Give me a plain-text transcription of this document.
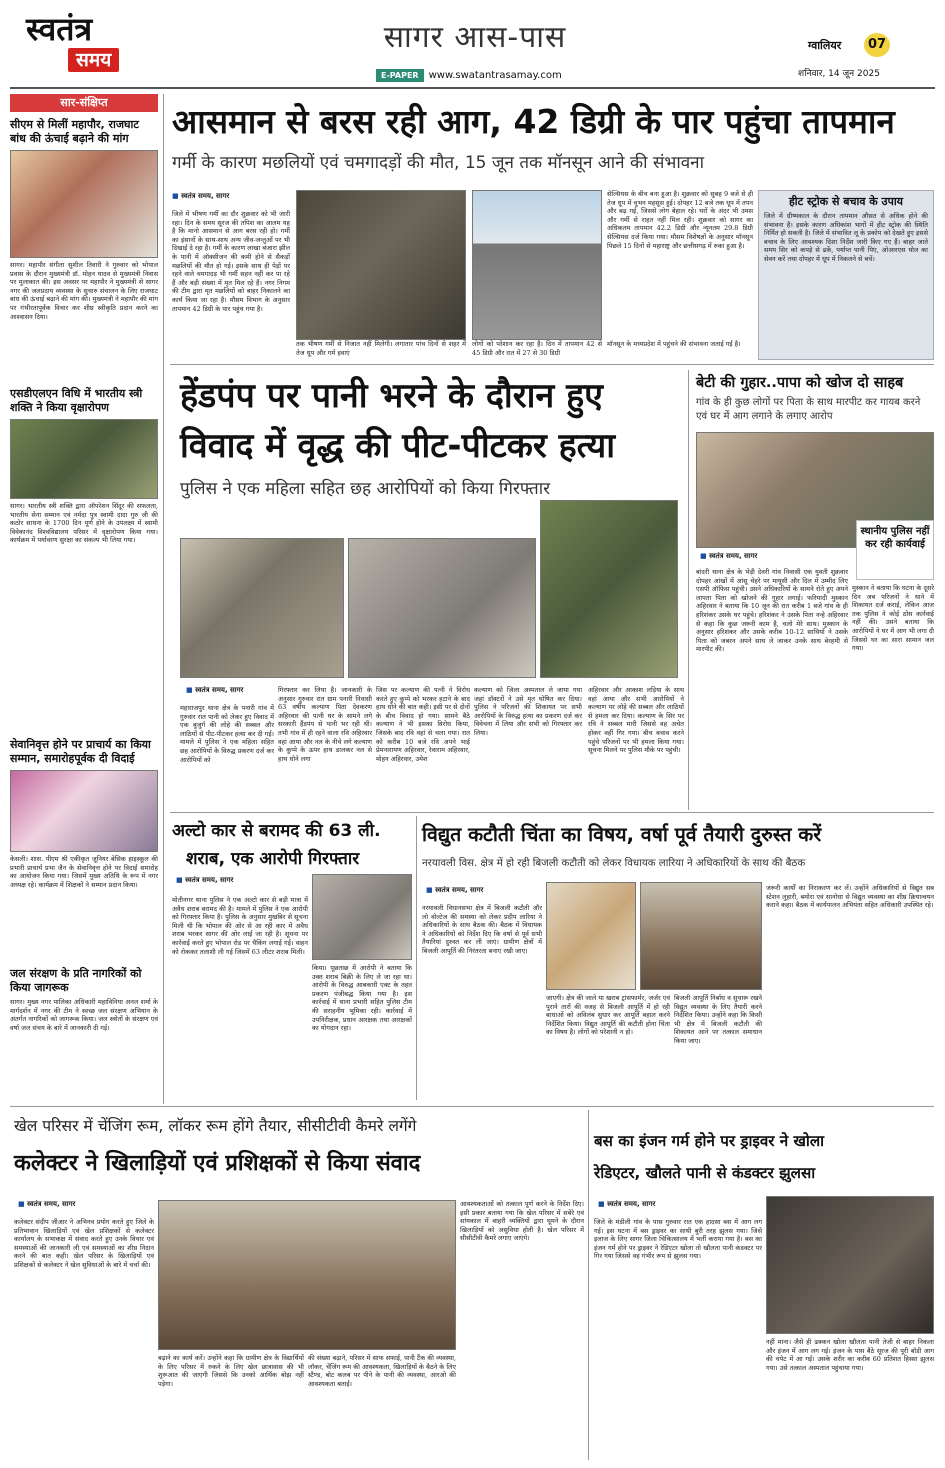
स्वतंत्र
समय
सागर आस-पास
E-PAPER	www.swatantrasamay.com
ग्वालियर	07
शनिवार, 14 जून 2025
सार-संक्षिप्त
सीएम से मिलीं महापौर, राजघाट बांध की ऊंचाई बढ़ाने की मांग
सागर। महापौर संगीता सुशील तिवारी ने गुरुवार को भोपाल प्रवास के दौरान मुख्यमंत्री डॉ. मोहन यादव से मुख्यमंत्री निवास पर मुलाकात की। इस अवसर पर महापौर ने मुख्यमंत्री से सागर नगर की जलप्रदाय व्यवस्था के सुचारु संचालन के लिए राजघाट बांध की ऊंचाई बढ़ाने की मांग की। मुख्यमंत्री ने महापौर की मांग पर गंभीरतापूर्वक विचार कर शीघ्र स्वीकृति प्रदान करने का आश्वासन दिया।
एसडीएलएन विधि में भारतीय स्त्री शक्ति ने किया वृक्षारोपण
सागर। भारतीय स्त्री शक्ति द्वारा ऑपरेशन सिंदूर की सफलता, भारतीय सेना सम्मान एवं नर्मदा पुत्र स्वामी दादा गुरु जी की कठोर साधना के 1700 दिन पूर्ण होने के उपलक्ष्य में स्वामी विवेकानंद विश्वविद्यालय परिसर में वृक्षारोपण किया गया। कार्यक्रम में पर्यावरण सुरक्षा का संकल्प भी लिया गया।
सेवानिवृत्त होने पर प्राचार्य का किया सम्मान, समारोहपूर्वक दी विदाई
केसली। शास. पीएम श्री एकीकृत जूनियर बेसिक हाइस्कूल की प्रभारी प्राचार्य प्रभा जैन के सेवानिवृत्त होने पर विदाई समारोह का आयोजन किया गया। जिसमें मुख्य अतिथि के रूप में नगर अध्यक्ष रहे। कार्यक्रम में शिक्षकों ने सम्मान प्रदान किया।
जल संरक्षण के प्रति नागरिकों को किया जागरूक
सागर। मुख्य नगर पालिका अधिकारी महाविनिया अनल शर्मा के मार्गदर्शन में नगर की टीम ने स्वच्छ जल संरक्षण अभियान के अंतर्गत नागरिकों को जागरूक किया। जल स्त्रोतों के संरक्षण एवं वर्षा जल संचय के बारे में जानकारी दी गई।
आसमान से बरस रही आग, 42 डिग्री के पार पहुंचा तापमान
गर्मी के कारण मछलियों एवं चमगादड़ों की मौत, 15 जून तक मॉनसून आने की संभावना
■ स्वतंत्र समय, सागर
जिले में भीषण गर्मी का दौर शुक्रवार को भी जारी रहा। दिन के समय सूरज की तपिश का आलम यह है कि मानो आसमान से आग बरस रही हो। गर्मी का इंसानों के साथ-साथ अन्य जीव-जन्तुओं पर भी दिखाई दे रहा है। गर्मी के कारण लाखा बंजारा झील के पानी में ऑक्सीजन की कमी होने से सैकड़ों मछलियों की मौत हो गई। इसके साथ ही पेड़ों पर रहने वाले चमगादड़ भी गर्मी सहन नहीं कर पा रहे हैं और बड़ी संख्या में मृत मिल रहे हैं। नगर निगम की टीम द्वारा मृत मछलियों को बाहर निकालने का कार्य किया जा रहा है। मौसम विभाग के अनुसार तापमान 42 डिग्री के पार पहुंच गया है।
तक भीषण गर्मी से निजात नहीं मिलेगी। लगातार पांच दिनों से शहर में तेज धूप और गर्म हवाएं
लोगों को परेशान कर रहा है। दिन में तापमान 42 से 45 डिग्री और रात में 27 से 30 डिग्री
सेल्सियस के बीच बना हुआ है। शुक्रवार को सुबह 9 बजे से ही तेज धूप में चुभन महसूस हुई। दोपहर 12 बजे तक धूप में तपन और बढ़ गई, जिससे लोग बेहाल रहे। घरों के अंदर भी उमस और गर्मी से राहत नहीं मिल रही। शुक्रवार को सागर का अधिकतम तापमान 42.2 डिग्री और न्यूनतम 29.8 डिग्री सेल्सियस दर्ज किया गया। मौसम विशेषज्ञों के अनुसार मॉनसून पिछले 15 दिनों से महाराष्ट्र और छत्तीसगढ़ में रुका हुआ है।
मॉनसून के मध्यप्रदेश में पहुंचने की संभावना जताई गई है।
हीट स्ट्रोक से बचाव के उपाय
जिले में ग्रीष्मकाल के दौरान तापमान औसत से अधिक होने की संभावना है। इसके कारण अधिकांश भागों में हीट स्ट्रोक की स्थिति निर्मित हो सकती है। जिले में संभावित लू के प्रकोप को देखते हुए इससे बचाव के लिए आवश्यक दिशा निर्देश जारी किए गए हैं। बाहर जाते समय सिर को कपड़े से ढकें, पर्याप्त पानी पिएं, ओआरएस घोल का सेवन करें तथा दोपहर में धूप में निकलने से बचें।
हेंडपंप पर पानी भरने के दौरान हुए
विवाद में वृद्ध की पीट-पीटकर हत्या
पुलिस ने एक महिला सहित छह आरोपियों को किया गिरफ्तार
■ स्वतंत्र समय, सागर
महाराजपुर थाना क्षेत्र के पनारी गांव में गुरुवार रात पानी को लेकर हुए विवाद में एक बुजुर्ग की लोहे की सब्बल और लाठियों से पीट-पीटकर हत्या कर दी गई। मामले में पुलिस ने एक महिला सहित छह आरोपियों के विरुद्ध प्रकरण दर्ज कर आरोपियों को
गिरफ्तार कर लिया है। जानकारी के अनुसार गुरुवार रात ग्राम पनारी निवासी 63 वर्षीय कल्याण पिता देवकरण अहिरवार की पत्नी घर के सामने लगे सरकारी हैंडपंप से पानी भर रही थी। तभी गांव में ही रहने वाला रवि अहिरवार वहां आया और नल के नीचे लगे कल्याण के कुप्पे के ऊपर हाथ डालकर नल से हाथ धोने लगा
जिस पर कल्याण की पत्नी ने विरोध करते हुए कुप्पे को भरकर हटाने के बाद हाथ धोने की बात कही। इसी पर से दोनों के बीच विवाद हो गया। सामने बैठे कल्याण ने भी इसका विरोध किया, जिसके बाद रवि वहां से चला गया। रात को करीब 10 बजे रवि अपने भाई प्रेमनारायण अहिरवार, रेवाराम अहिरवार, मोहन अहिरवार, उमेश
कल्याण को जिला अस्पताल ले जाया गया जहां डॉक्टरों ने उसे मृत घोषित कर दिया। पुलिस ने परिजनों की शिकायत पर सभी आरोपियों के विरुद्ध हत्या का प्रकरण दर्ज कर विवेचना में लिया और सभी को गिरफ्तार कर लिया।
अहिरवार और आकाश लड़िया के साथ वहां आया और सभी आरोपियों ने कल्याण पर लोहे की सब्बल और लाठियों से हमला कर दिया। कल्याण के सिर पर रवि ने सब्बल मारी जिससे वह अचेत होकर वहीं गिर गया। बीच बचाव करने पहुंचे परिजनों पर भी हमला किया गया। सूचना मिलने पर पुलिस मौके पर पहुंची।
बेटी की गुहार..पापा को खोज दो साहब
गांव के ही कुछ लोगों पर पिता के साथ मारपीट कर गायब करने एवं घर में आग लगाने के लगाए आरोप
स्थानीय पुलिस नहीं कर रही कार्यवाई
■ स्वतंत्र समय, सागर
बांदरी थाना क्षेत्र के भेड़ी देवरी गांव निवासी एक युवती शुक्रवार दोपहर आंखों में आंसू चेहरे पर मायूसी और दिल में उम्मीद लिए एसपी ऑफिस पहुंची। उसने अधिकारियों के सामने रोते हुए अपने लापता पिता को खोजने की गुहार लगाई। फरियादी मुस्कान अहिरवार ने बताया कि 10 जून की रात करीब 1 बजे गांव के ही हरिशंकर उसके घर पहुंचे। हरिशंकर ने उसके पिता नन्हे अहिरवार से कहा कि कुछ जरूरी काम है, चलो मेरे साथ। मुस्कान के अनुसार हरिशंकर और उसके करीब 10-12 साथियों ने उसके पिता को जबरन अपने साथ ले जाकर उनके साथ बेरहमी से मारपीट की।
मुस्कान ने बताया कि घटना के दूसरे दिन जब परिजनों ने थाने में शिकायत दर्ज कराई, लेकिन आज तक पुलिस ने कोई ठोस कार्रवाई नहीं की। उसने बताया कि आरोपियों ने घर में आग भी लगा दी जिससे घर का सारा सामान जल गया।
अल्टो कार से बरामद की 63 ली.
शराब, एक आरोपी गिरफ्तार
■ स्वतंत्र समय, सागर
मोतीनगर थाना पुलिस ने एक अल्टो कार से बड़ी मात्रा में अवैध शराब बरामद की है। मामले में पुलिस ने एक आरोपी को गिरफ्तार किया है। पुलिस के अनुसार मुखबिर से सूचना मिली थी कि भोपाल की ओर से आ रही कार में अवैध शराब भरकर सागर की ओर लाई जा रही है। सूचना पर कार्रवाई करते हुए भोपाल रोड पर चैकिंग लगाई गई। वाहन को रोककर तलाशी ली गई जिसमें 63 लीटर शराब मिली।
किया। पूछताछ में आरोपी ने बताया कि उक्त शराब बिक्री के लिए ले जा रहा था। आरोपी के विरुद्ध आबकारी एक्ट के तहत प्रकरण पंजीबद्ध किया गया है। इस कार्रवाई में थाना प्रभारी सहित पुलिस टीम की सराहनीय भूमिका रही। कार्रवाई में उपनिरीक्षक, प्रधान आरक्षक तथा आरक्षकों का योगदान रहा।
विद्युत कटौती चिंता का विषय, वर्षा पूर्व तैयारी दुरुस्त करें
नरयावली विस. क्षेत्र में हो रही बिजली कटौती को लेकर विधायक लारिया ने अधिकारियों के साथ की बैठक
■ स्वतंत्र समय, सागर
नरयावली विधानसभा क्षेत्र में बिजली कटौती और लो वोल्टेज की समस्या को लेकर प्रदीप लारिया ने अधिकारियों के साथ बैठक की। बैठक में विधायक ने अधिकारियों को निर्देश दिए कि वर्षा से पूर्व सभी तैयारियां दुरुस्त कर ली जाएं। ग्रामीण क्षेत्रों में बिजली आपूर्ति की निरंतरता बनाए रखी जाए।
जाएगी। क्षेत्र की जाले या खराब ट्रांसफार्मर, जर्जर एवं पुराने तारों की वजह से बिजली आपूर्ति में हो रही बाधाओं को अविलंब सुधार कर आपूर्ति बहाल करने निर्देशित किया। विद्युत आपूर्ति की कटौती होना चिंता का विषय है। लोगों को परेशानी न हो।
बिजली आपूर्ति निर्बाध व सुचारू रखने विद्युत व्यवस्था के लिए तैयारी करने निर्देशित किया। उन्होंने कहा कि किसी भी क्षेत्र में बिजली कटौती की शिकायत आने पर तत्काल समाधान किया जाए।
जरूरी कार्यों का निराकरण कर लें। उन्होंने अधिकारियों से विद्युत सब स्टेशन लुहारी, बमोरा एवं सानोधा से विद्युत व्यवस्था का शीघ्र क्रियान्वयन कराने कहा। बैठक में कार्यपालन अभियंता सहित अधिकारी उपस्थित रहे।
खेल परिसर में चेंजिंग रूम, लॉकर रूम होंगे तैयार, सीसीटीवी कैमरे लगेंगे
कलेक्टर ने खिलाड़ियों एवं प्रशिक्षकों से किया संवाद
■ स्वतंत्र समय, सागर
कलेक्टर संदीप जीआर ने अभिनव प्रयोग करते हुए जिले के प्रतिभावान खिलाड़ियों एवं खेल प्रशिक्षकों से कलेक्टर कार्यालय के सभाकक्ष में संवाद करते हुए उनके विचार एवं समस्याओं की जानकारी ली एवं समस्याओं का शीघ्र निदान करने की बात कही। खेल परिसर के खिलाड़ियों एवं प्रशिक्षकों से कलेक्टर ने खेल सुविधाओं के बारे में चर्चा की।
बढ़ाने का कार्य करें। उन्होंने कहा कि ग्रामीण क्षेत्र के विद्यार्थियों के लिए परिसर में रुकने के लिए खेल छात्रावास की भी शुरूआत की जाएगी जिससे कि उनको आर्थिक बोझ नहीं पड़ेगा।
की संख्या बढ़ाने, परिसर में साफ सफाई, पानी टैंक की व्यवस्था, लॉकर, चेंजिंग रूम की आवश्यकता, खिलाड़ियों के बैठने के लिए स्टैण्ड, बोट कलब पर पीने के पानी की व्यवस्था, आरओ की आवश्यकता बताई।
आवश्यकताओं को तत्काल पूर्ण करने के निर्देश दिए। इसी प्रकार बताया गया कि खेल परिसर में सबेरे एवं सांयकाल में बाहरी व्यक्तियों द्वारा घूमने के दौरान खिलाड़ियों को असुविधा होती है। खेल परिसर में सीसीटीवी कैमरे लगाए जाएंगे।
बस का इंजन गर्म होने पर ड्राइवर ने खोला
रेडिएटर, खौलते पानी से कंडक्टर झुलसा
■ स्वतंत्र समय, सागर
जिले के मंडीली गांव के पास गुरुवार रात एक हादसा बस में आग लग गई। इस घटना में बस ड्राइवर का साथी बुरी तरह झुलस गया। जिसे इलाज के लिए सागर जिला चिकित्सालय में भर्ती कराया गया है। बस का इंजन गर्म होने पर ड्राइवर ने रेडिएटर खोला तो खौलता पानी कंडक्टर पर गिर गया जिससे वह गंभीर रूप से झुलस गया।
नहीं माना। जैसे ही ढक्कन खोला खौलता पानी तेजी से बाहर निकला और इंजन में आग लग गई। इंजन के पास बैठे सूरज की पूरी बॉडी आग की चपेट में आ गई। उसके शरीर का करीब 60 प्रतिशत हिस्सा झुलस गया। उसे तत्काल अस्पताल पहुंचाया गया।
